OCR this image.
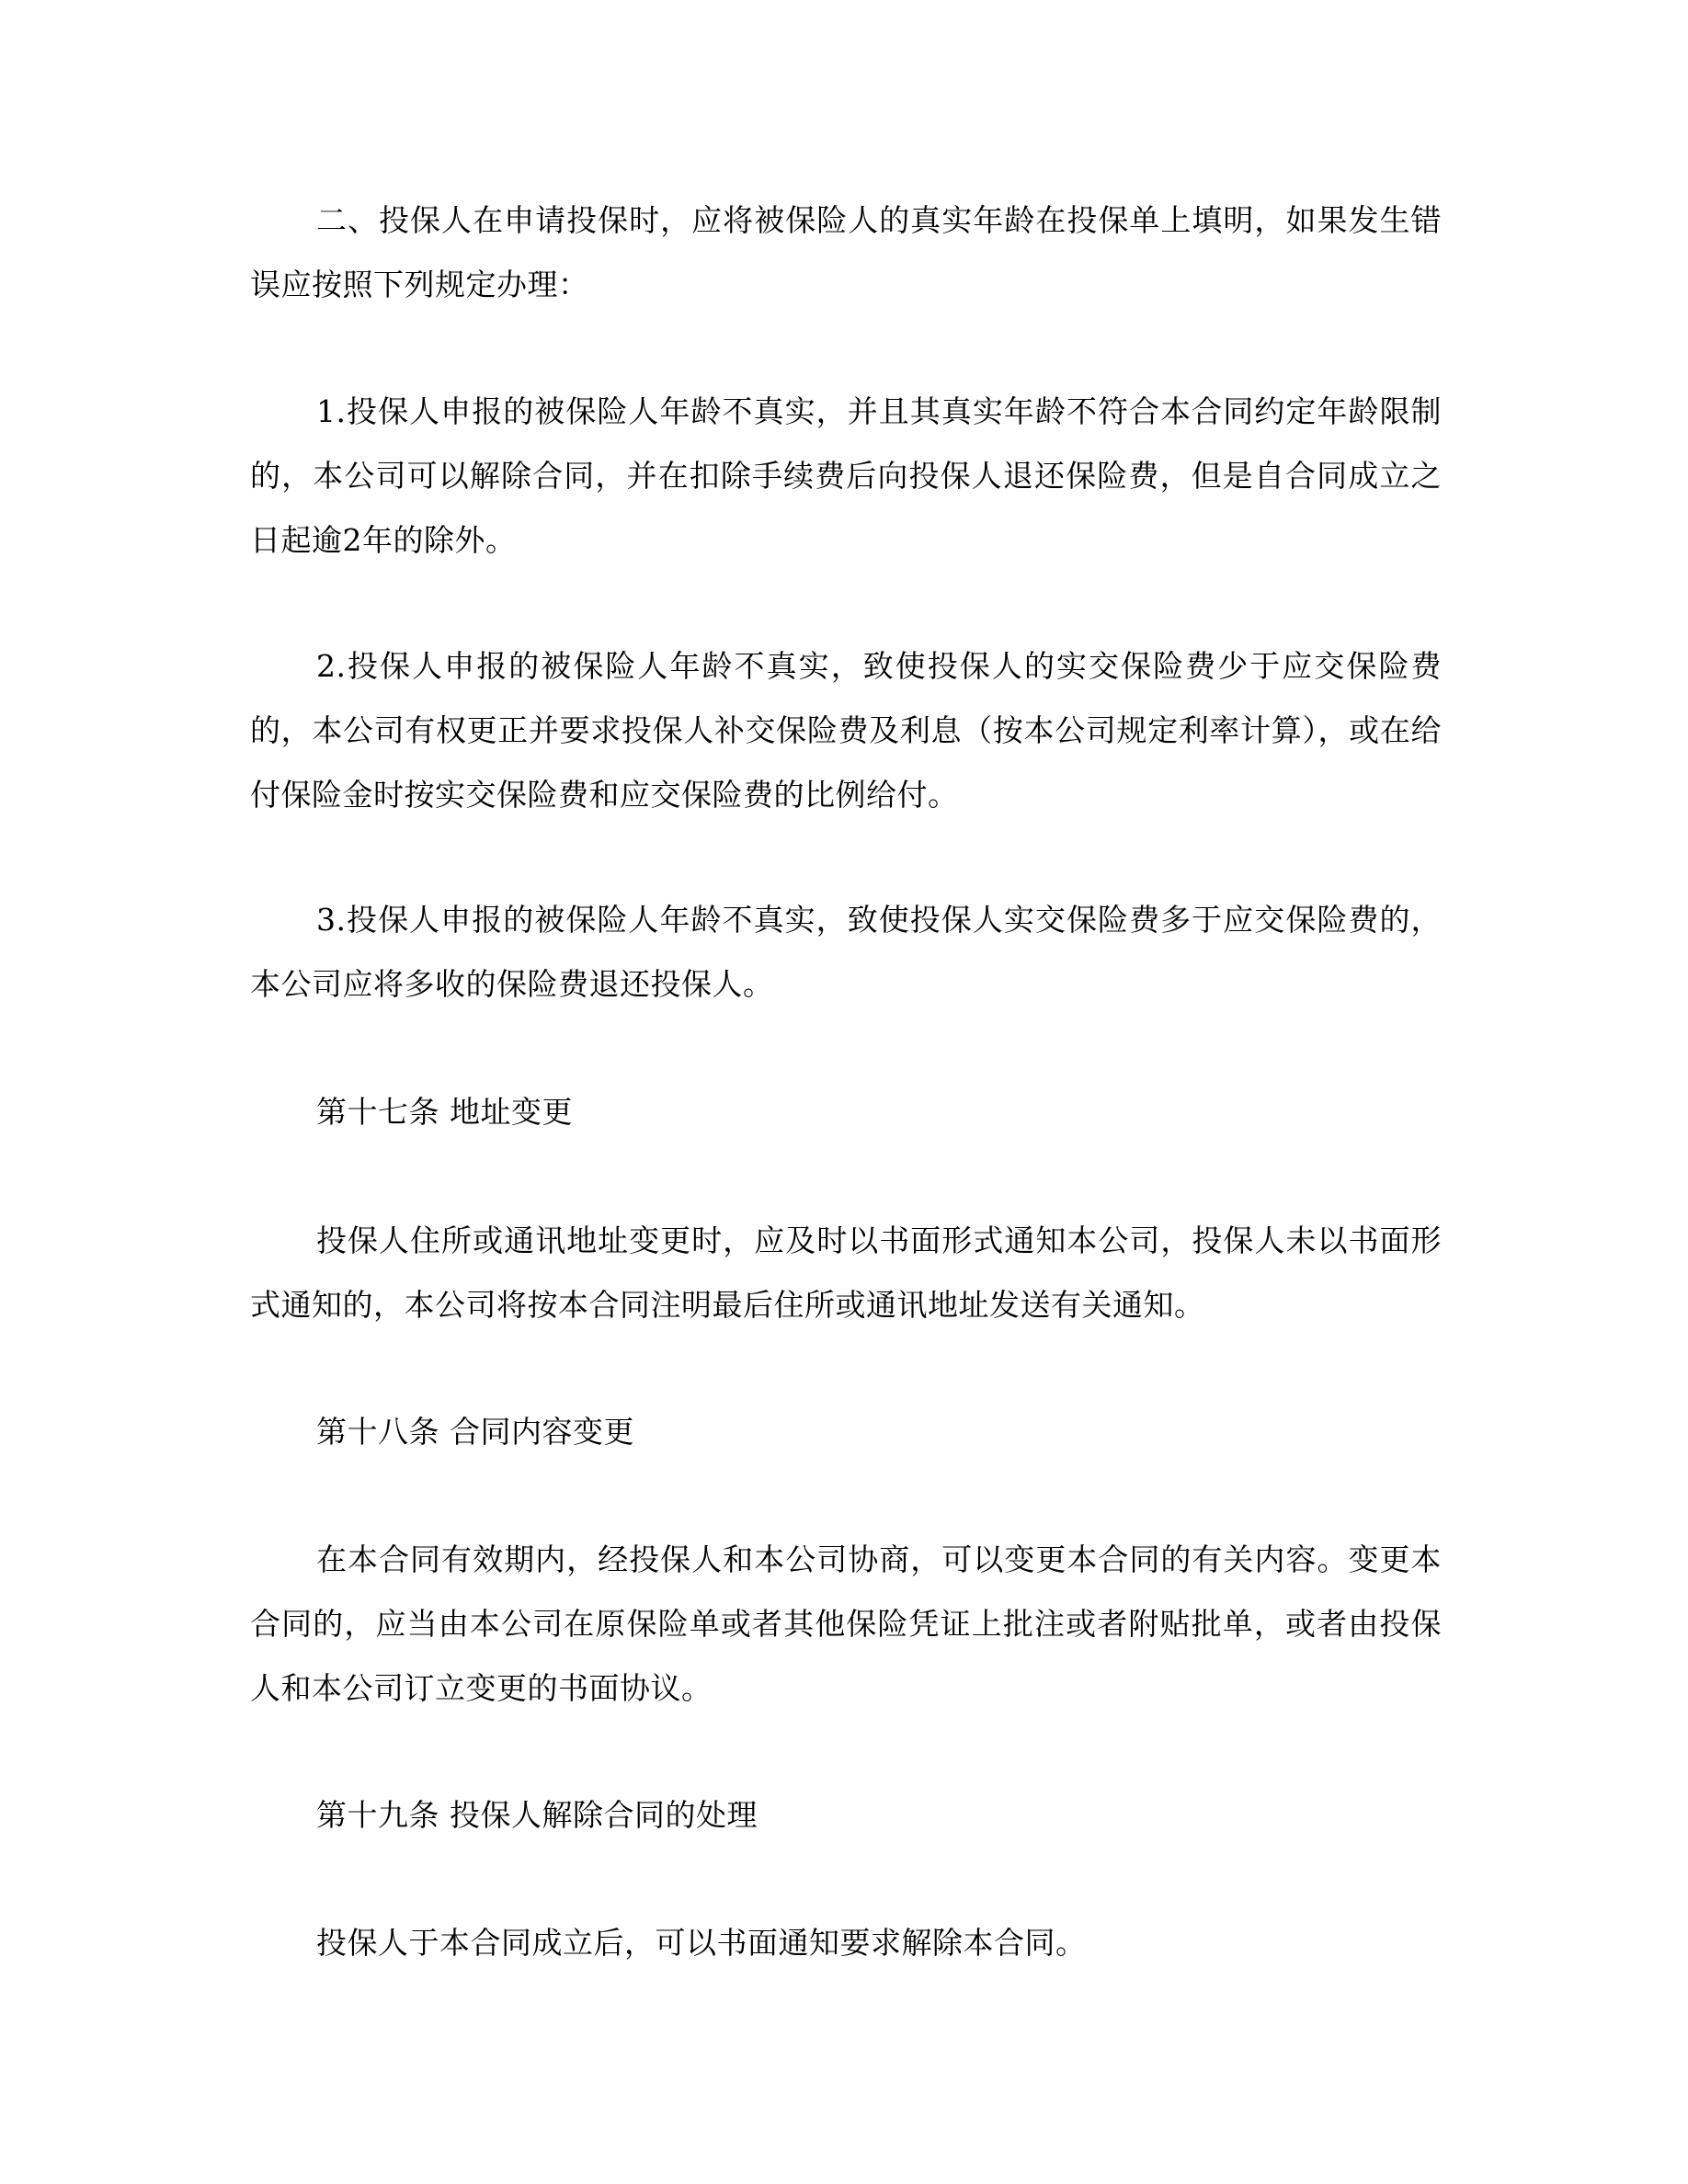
二、投保人在申请投保时，应将被保险人的真实年龄在投保单上填明，如果发生错误应按照下列规定办理：

1.投保人申报的被保险人年龄不真实，并且其真实年龄不符合本合同约定年龄限制的，本公司可以解除合同，并在扣除手续费后向投保人退还保险费，但是自合同成立之日起逾2年的除外。

2.投保人申报的被保险人年龄不真实，致使投保人的实交保险费少于应交保险费的，本公司有权更正并要求投保人补交保险费及利息（按本公司规定利率计算），或在给付保险金时按实交保险费和应交保险费的比例给付。

3.投保人申报的被保险人年龄不真实，致使投保人实交保险费多于应交保险费的，本公司应将多收的保险费退还投保人。

第十七条 地址变更

投保人住所或通讯地址变更时，应及时以书面形式通知本公司，投保人未以书面形式通知的，本公司将按本合同注明最后住所或通讯地址发送有关通知。

第十八条 合同内容变更

在本合同有效期内，经投保人和本公司协商，可以变更本合同的有关内容。变更本合同的，应当由本公司在原保险单或者其他保险凭证上批注或者附贴批单，或者由投保人和本公司订立变更的书面协议。

第十九条 投保人解除合同的处理

投保人于本合同成立后，可以书面通知要求解除本合同。
